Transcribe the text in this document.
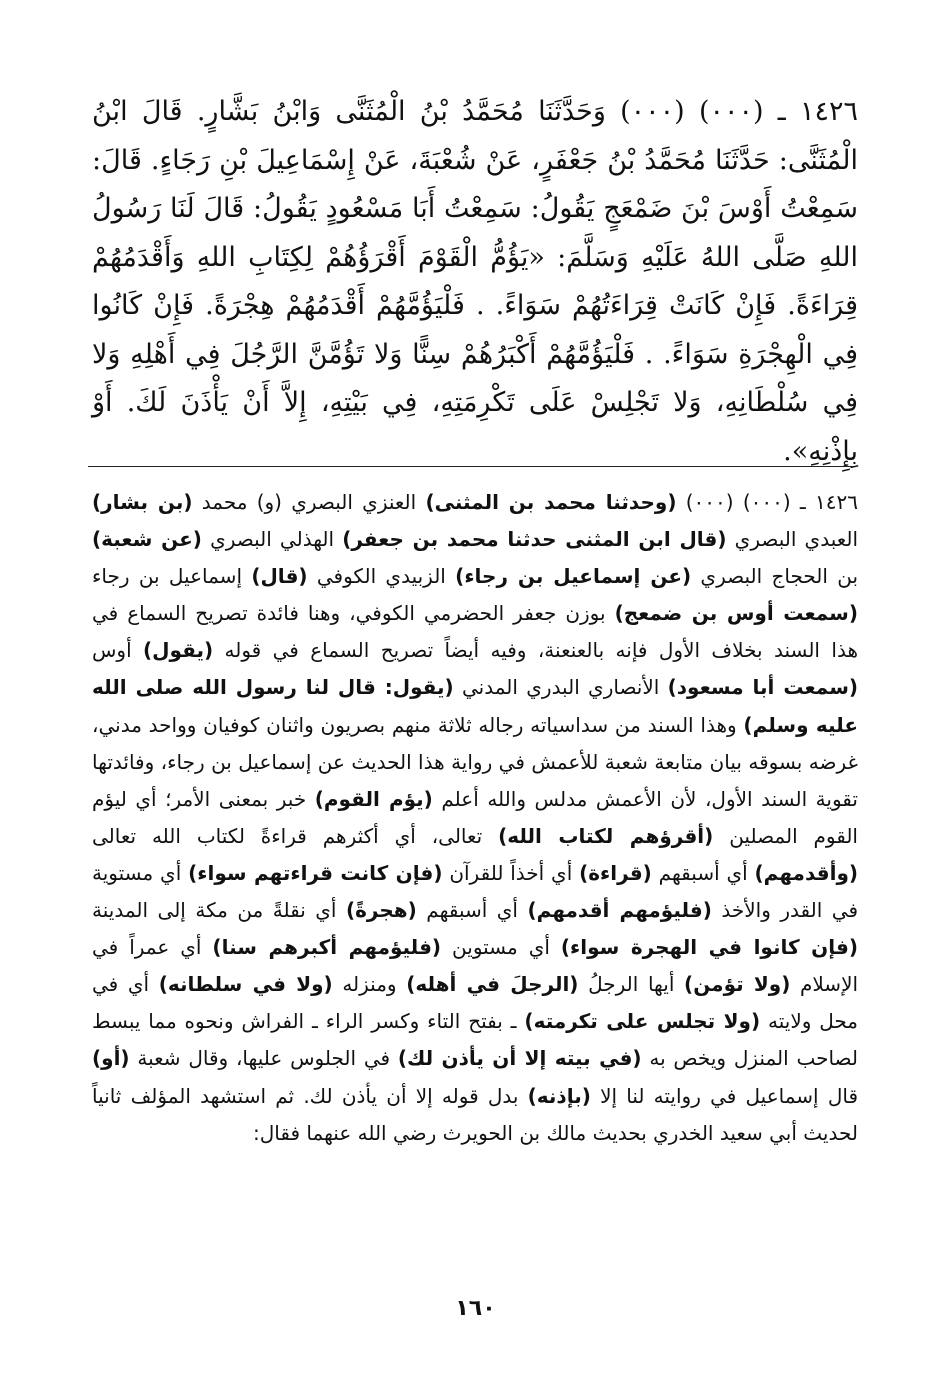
١٤٢٦ ـ (٠٠٠) (٠٠٠) وَحَدَّثَنَا مُحَمَّدُ بْنُ الْمُثَنَّى وَابْنُ بَشَّارٍ. قَالَ ابْنُ الْمُثَنَّى: حَدَّثَنَا مُحَمَّدُ بْنُ جَعْفَرٍ، عَنْ شُعْبَةَ، عَنْ إِسْمَاعِيلَ بْنِ رَجَاءٍ. قَالَ: سَمِعْتُ أَوْسَ بْنَ ضَمْعَجٍ يَقُولُ: سَمِعْتُ أَبَا مَسْعُودٍ يَقُولُ: قَالَ لَنَا رَسُولُ اللهِ صَلَّى اللهُ عَلَيْهِ وَسَلَّمَ: «يَؤُمُّ الْقَوْمَ أَقْرَؤُهُمْ لِكِتَابِ اللهِ وَأَقْدَمُهُمْ قِرَاءَةً. فَإِنْ كَانَتْ قِرَاءَتُهُمْ سَوَاءً. . فَلْيَؤُمَّهُمْ أَقْدَمُهُمْ هِجْرَةً. فَإِنْ كَانُوا فِي الْهِجْرَةِ سَوَاءً. . فَلْيَؤُمَّهُمْ أَكْبَرُهُمْ سِنًّا وَلا تَؤُمَّنَّ الرَّجُلَ فِي أَهْلِهِ وَلا فِي سُلْطَانِهِ، وَلا تَجْلِسْ عَلَى تَكْرِمَتِهِ، فِي بَيْتِهِ، إِلاَّ أَنْ يَأْذَنَ لَكَ. أَوْ بِإِذْنِهِ».

١٤٢٦ ـ (٠٠٠) (٠٠٠) (وحدثنا محمد بن المثنى) العنزي البصري (و) محمد (بن بشار) العبدي البصري (قال ابن المثنى حدثنا محمد بن جعفر) الهذلي البصري (عن شعبة) بن الحجاج البصري (عن إسماعيل بن رجاء) الزبيدي الكوفي (قال) إسماعيل بن رجاء (سمعت أوس بن ضمعج) بوزن جعفر الحضرمي الكوفي، وهنا فائدة تصريح السماع في هذا السند بخلاف الأول فإنه بالعنعنة، وفيه أيضاً تصريح السماع في قوله (يقول) أوس (سمعت أبا مسعود) الأنصاري البدري المدني (يقول: قال لنا رسول الله صلى الله عليه وسلم) وهذا السند من سداسياته رجاله ثلاثة منهم بصريون واثنان كوفيان وواحد مدني، غرضه بسوقه بيان متابعة شعبة للأعمش في رواية هذا الحديث عن إسماعيل بن رجاء، وفائدتها تقوية السند الأول، لأن الأعمش مدلس والله أعلم (يؤم القوم) خبر بمعنى الأمر؛ أي ليؤم القوم المصلين (أقرؤهم لكتاب الله) تعالى، أي أكثرهم قراءةً لكتاب الله تعالى (وأقدمهم) أي أسبقهم (قراءة) أي أخذاً للقرآن (فإن كانت قراءتهم سواء) أي مستوية في القدر والأخذ (فليؤمهم أقدمهم) أي أسبقهم (هجرةً) أي نقلةً من مكة إلى المدينة (فإن كانوا في الهجرة سواء) أي مستوين (فليؤمهم أكبرهم سنا) أي عمراً في الإسلام (ولا تؤمن) أيها الرجلُ (الرجلَ في أهله) ومنزله (ولا في سلطانه) أي في محل ولايته (ولا تجلس على تكرمته) ـ بفتح التاء وكسر الراء ـ الفراش ونحوه مما يبسط لصاحب المنزل ويخص به (في بيته إلا أن يأذن لك) في الجلوس عليها، وقال شعبة (أو) قال إسماعيل في روايته لنا إلا (بإذنه) بدل قوله إلا أن يأذن لك. ثم استشهد المؤلف ثانياً لحديث أبي سعيد الخدري بحديث مالك بن الحويرث رضي الله عنهما فقال:

١٦٠
